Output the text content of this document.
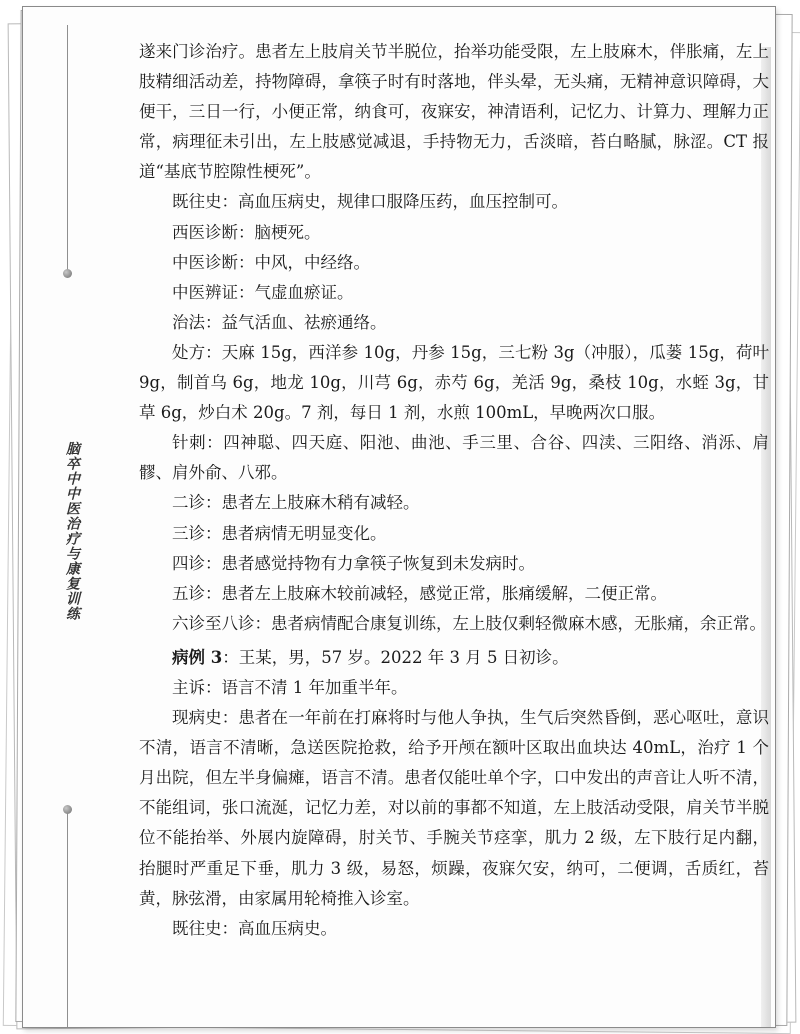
脑卒中中医治疗与康复训练

遂来门诊治疗。患者左上肢肩关节半脱位，抬举功能受限，左上肢麻木，伴胀痛，左上肢精细活动差，持物障碍，拿筷子时有时落地，伴头晕，无头痛，无精神意识障碍，大便干，三日一行，小便正常，纳食可，夜寐安，神清语利，记忆力、计算力、理解力正常，病理征未引出，左上肢感觉减退，手持物无力，舌淡暗，苔白略腻，脉涩。CT 报道“基底节腔隙性梗死”。

既往史：高血压病史，规律口服降压药，血压控制可。

西医诊断：脑梗死。

中医诊断：中风，中经络。

中医辨证：气虚血瘀证。

治法：益气活血、祛瘀通络。

处方：天麻 15g，西洋参 10g，丹参 15g，三七粉 3g（冲服），瓜蒌 15g，荷叶 9g，制首乌 6g，地龙 10g，川芎 6g，赤芍 6g，羌活 9g，桑枝 10g，水蛭 3g，甘草 6g，炒白术 20g。7 剂，每日 1 剂，水煎 100mL，早晚两次口服。

针刺：四神聪、四天庭、阳池、曲池、手三里、合谷、四渎、三阳络、消泺、肩髎、肩外俞、八邪。

二诊：患者左上肢麻木稍有减轻。

三诊：患者病情无明显变化。

四诊：患者感觉持物有力拿筷子恢复到未发病时。

五诊：患者左上肢麻木较前减轻，感觉正常，胀痛缓解，二便正常。

六诊至八诊：患者病情配合康复训练，左上肢仅剩轻微麻木感，无胀痛，余正常。

病例 3：王某，男，57 岁。2022 年 3 月 5 日初诊。

主诉：语言不清 1 年加重半年。

现病史：患者在一年前在打麻将时与他人争执，生气后突然昏倒，恶心呕吐，意识不清，语言不清晰，急送医院抢救，给予开颅在额叶区取出血块达 40mL，治疗 1 个月出院，但左半身偏瘫，语言不清。患者仅能吐单个字，口中发出的声音让人听不清，不能组词，张口流涎，记忆力差，对以前的事都不知道，左上肢活动受限，肩关节半脱位不能抬举、外展内旋障碍，肘关节、手腕关节痉挛，肌力 2 级，左下肢行足内翻，抬腿时严重足下垂，肌力 3 级，易怒，烦躁，夜寐欠安，纳可，二便调，舌质红，苔黄，脉弦滑，由家属用轮椅推入诊室。

既往史：高血压病史。
